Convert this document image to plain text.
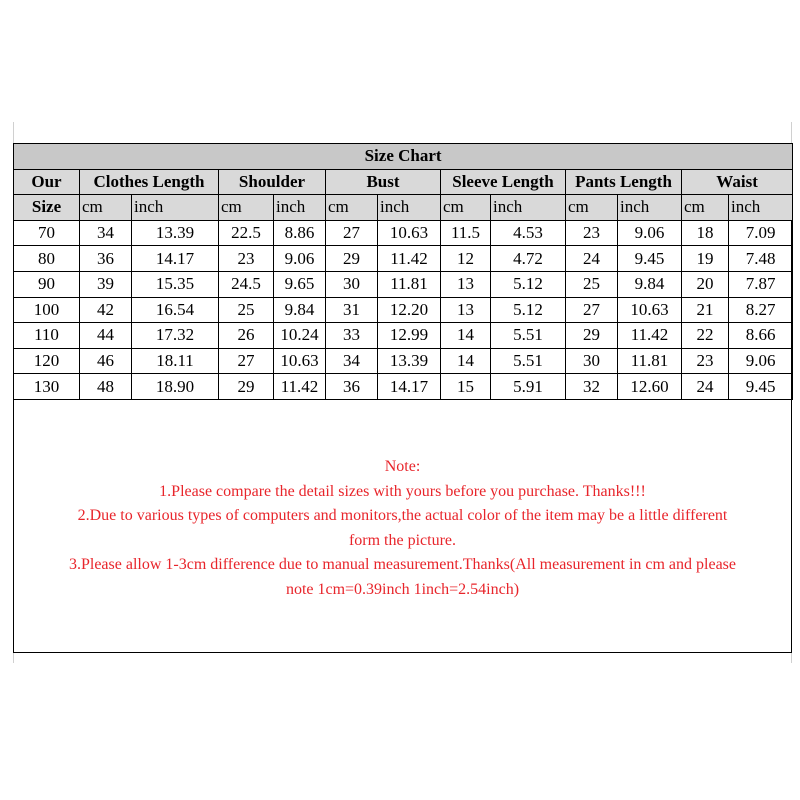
Size Chart												
Our	Clothes Length		Shoulder		Bust		Sleeve Length		Pants Length		Waist	
Size	cm	inch	cm	inch	cm	inch	cm	inch	cm	inch	cm	inch
70	34	13.39	22.5	8.86	27	10.63	11.5	4.53	23	9.06	18	7.09
80	36	14.17	23	9.06	29	11.42	12	4.72	24	9.45	19	7.48
90	39	15.35	24.5	9.65	30	11.81	13	5.12	25	9.84	20	7.87
100	42	16.54	25	9.84	31	12.20	13	5.12	27	10.63	21	8.27
110	44	17.32	26	10.24	33	12.99	14	5.51	29	11.42	22	8.66
120	46	18.11	27	10.63	34	13.39	14	5.51	30	11.81	23	9.06
130	48	18.90	29	11.42	36	14.17	15	5.91	32	12.60	24	9.45

Note:

1.Please compare the detail sizes with yours before you purchase. Thanks!!!

2.Due to various types of computers and monitors,the actual color of the item may be a little different

form the picture.

3.Please allow 1-3cm difference due to manual measurement.Thanks(All measurement in cm and please

note 1cm=0.39inch 1inch=2.54inch)
